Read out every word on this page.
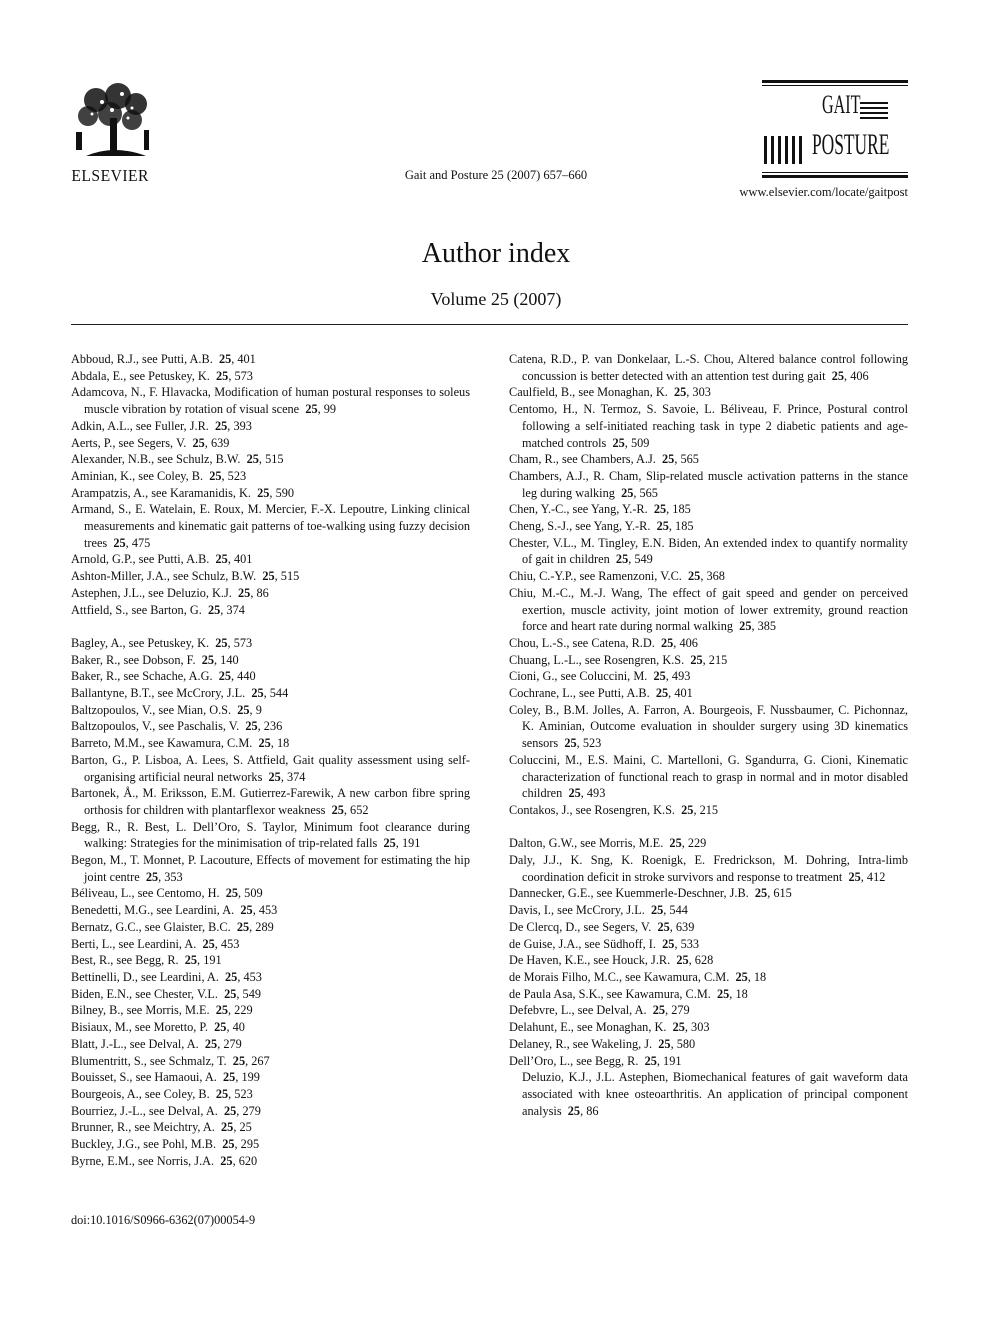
ELSEVIER	Gait and Posture 25 (2007) 657–660
GAIT
POSTURE
www.elsevier.com/locate/gaitpost
Author index
Volume 25 (2007)
Abboud, R.J., see Putti, A.B.  25, 401
Abdala, E., see Petuskey, K.  25, 573
Adamcova, N., F. Hlavacka, Modification of human postural responses to soleus muscle vibration by rotation of visual scene  25, 99
Adkin, A.L., see Fuller, J.R.  25, 393
Aerts, P., see Segers, V.  25, 639
Alexander, N.B., see Schulz, B.W.  25, 515
Aminian, K., see Coley, B.  25, 523
Arampatzis, A., see Karamanidis, K.  25, 590
Armand, S., E. Watelain, E. Roux, M. Mercier, F.-X. Lepoutre, Linking clinical measurements and kinematic gait patterns of toe-walking using fuzzy decision trees  25, 475
Arnold, G.P., see Putti, A.B.  25, 401
Ashton-Miller, J.A., see Schulz, B.W.  25, 515
Astephen, J.L., see Deluzio, K.J.  25, 86
Attfield, S., see Barton, G.  25, 374
Bagley, A., see Petuskey, K.  25, 573
Baker, R., see Dobson, F.  25, 140
Baker, R., see Schache, A.G.  25, 440
Ballantyne, B.T., see McCrory, J.L.  25, 544
Baltzopoulos, V., see Mian, O.S.  25, 9
Baltzopoulos, V., see Paschalis, V.  25, 236
Barreto, M.M., see Kawamura, C.M.  25, 18
Barton, G., P. Lisboa, A. Lees, S. Attfield, Gait quality assessment using self-organising artificial neural networks  25, 374
Bartonek, Å., M. Eriksson, E.M. Gutierrez-Farewik, A new carbon fibre spring orthosis for children with plantarflexor weakness  25, 652
Begg, R., R. Best, L. Dell’Oro, S. Taylor, Minimum foot clearance during walking: Strategies for the minimisation of trip-related falls  25, 191
Begon, M., T. Monnet, P. Lacouture, Effects of movement for estimating the hip joint centre  25, 353
Béliveau, L., see Centomo, H.  25, 509
Benedetti, M.G., see Leardini, A.  25, 453
Bernatz, G.C., see Glaister, B.C.  25, 289
Berti, L., see Leardini, A.  25, 453
Best, R., see Begg, R.  25, 191
Bettinelli, D., see Leardini, A.  25, 453
Biden, E.N., see Chester, V.L.  25, 549
Bilney, B., see Morris, M.E.  25, 229
Bisiaux, M., see Moretto, P.  25, 40
Blatt, J.-L., see Delval, A.  25, 279
Blumentritt, S., see Schmalz, T.  25, 267
Bouisset, S., see Hamaoui, A.  25, 199
Bourgeois, A., see Coley, B.  25, 523
Bourriez, J.-L., see Delval, A.  25, 279
Brunner, R., see Meichtry, A.  25, 25
Buckley, J.G., see Pohl, M.B.  25, 295
Byrne, E.M., see Norris, J.A.  25, 620
Catena, R.D., P. van Donkelaar, L.-S. Chou, Altered balance control following concussion is better detected with an attention test during gait  25, 406
Caulfield, B., see Monaghan, K.  25, 303
Centomo, H., N. Termoz, S. Savoie, L. Béliveau, F. Prince, Postural control following a self-initiated reaching task in type 2 diabetic patients and age-matched controls  25, 509
Cham, R., see Chambers, A.J.  25, 565
Chambers, A.J., R. Cham, Slip-related muscle activation patterns in the stance leg during walking  25, 565
Chen, Y.-C., see Yang, Y.-R.  25, 185
Cheng, S.-J., see Yang, Y.-R.  25, 185
Chester, V.L., M. Tingley, E.N. Biden, An extended index to quantify normality of gait in children  25, 549
Chiu, C.-Y.P., see Ramenzoni, V.C.  25, 368
Chiu, M.-C., M.-J. Wang, The effect of gait speed and gender on perceived exertion, muscle activity, joint motion of lower extremity, ground reaction force and heart rate during normal walking  25, 385
Chou, L.-S., see Catena, R.D.  25, 406
Chuang, L.-L., see Rosengren, K.S.  25, 215
Cioni, G., see Coluccini, M.  25, 493
Cochrane, L., see Putti, A.B.  25, 401
Coley, B., B.M. Jolles, A. Farron, A. Bourgeois, F. Nussbaumer, C. Pichonnaz, K. Aminian, Outcome evaluation in shoulder surgery using 3D kinematics sensors  25, 523
Coluccini, M., E.S. Maini, C. Martelloni, G. Sgandurra, G. Cioni, Kinematic characterization of functional reach to grasp in normal and in motor disabled children  25, 493
Contakos, J., see Rosengren, K.S.  25, 215
Dalton, G.W., see Morris, M.E.  25, 229
Daly, J.J., K. Sng, K. Roenigk, E. Fredrickson, M. Dohring, Intra-limb coordination deficit in stroke survivors and response to treatment  25, 412
Dannecker, G.E., see Kuemmerle-Deschner, J.B.  25, 615
Davis, I., see McCrory, J.L.  25, 544
De Clercq, D., see Segers, V.  25, 639
de Guise, J.A., see Südhoff, I.  25, 533
De Haven, K.E., see Houck, J.R.  25, 628
de Morais Filho, M.C., see Kawamura, C.M.  25, 18
de Paula Asa, S.K., see Kawamura, C.M.  25, 18
Defebvre, L., see Delval, A.  25, 279
Delahunt, E., see Monaghan, K.  25, 303
Delaney, R., see Wakeling, J.  25, 580
Dell’Oro, L., see Begg, R.  25, 191
Deluzio, K.J., J.L. Astephen, Biomechanical features of gait waveform data associated with knee osteoarthritis. An application of principal component analysis  25, 86
doi:10.1016/S0966-6362(07)00054-9
